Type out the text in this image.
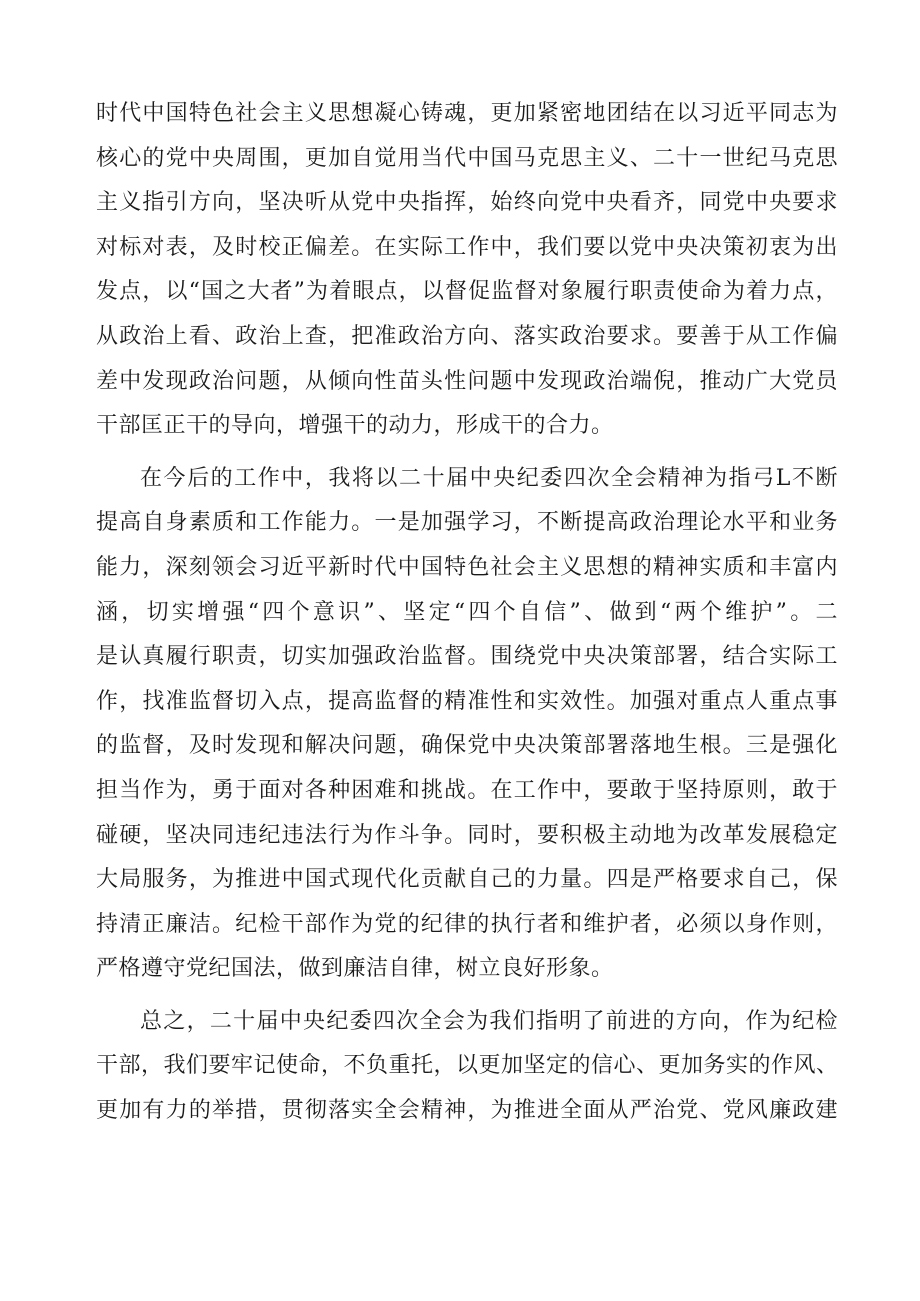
时代中国特色社会主义思想凝心铸魂，更加紧密地团结在以习近平同志为
核心的党中央周围，更加自觉用当代中国马克思主义、二十一世纪马克思
主义指引方向，坚决听从党中央指挥，始终向党中央看齐，同党中央要求
对标对表，及时校正偏差。在实际工作中，我们要以党中央决策初衷为出
发点，以“国之大者”为着眼点，以督促监督对象履行职责使命为着力点，
从政治上看、政治上查，把准政治方向、落实政治要求。要善于从工作偏
差中发现政治问题，从倾向性苗头性问题中发现政治端倪，推动广大党员
干部匡正干的导向，增强干的动力，形成干的合力。
在今后的工作中，我将以二十届中央纪委四次全会精神为指弓L不断
提高自身素质和工作能力。一是加强学习，不断提高政治理论水平和业务
能力，深刻领会习近平新时代中国特色社会主义思想的精神实质和丰富内
涵，切实增强“四个意识”、坚定“四个自信”、做到“两个维护”。二
是认真履行职责，切实加强政治监督。围绕党中央决策部署，结合实际工
作，找准监督切入点，提高监督的精准性和实效性。加强对重点人重点事
的监督，及时发现和解决问题，确保党中央决策部署落地生根。三是强化
担当作为，勇于面对各种困难和挑战。在工作中，要敢于坚持原则，敢于
碰硬，坚决同违纪违法行为作斗争。同时，要积极主动地为改革发展稳定
大局服务，为推进中国式现代化贡献自己的力量。四是严格要求自己，保
持清正廉洁。纪检干部作为党的纪律的执行者和维护者，必须以身作则，
严格遵守党纪国法，做到廉洁自律，树立良好形象。
总之，二十届中央纪委四次全会为我们指明了前进的方向，作为纪检
干部，我们要牢记使命，不负重托，以更加坚定的信心、更加务实的作风、
更加有力的举措，贯彻落实全会精神，为推进全面从严治党、党风廉政建
